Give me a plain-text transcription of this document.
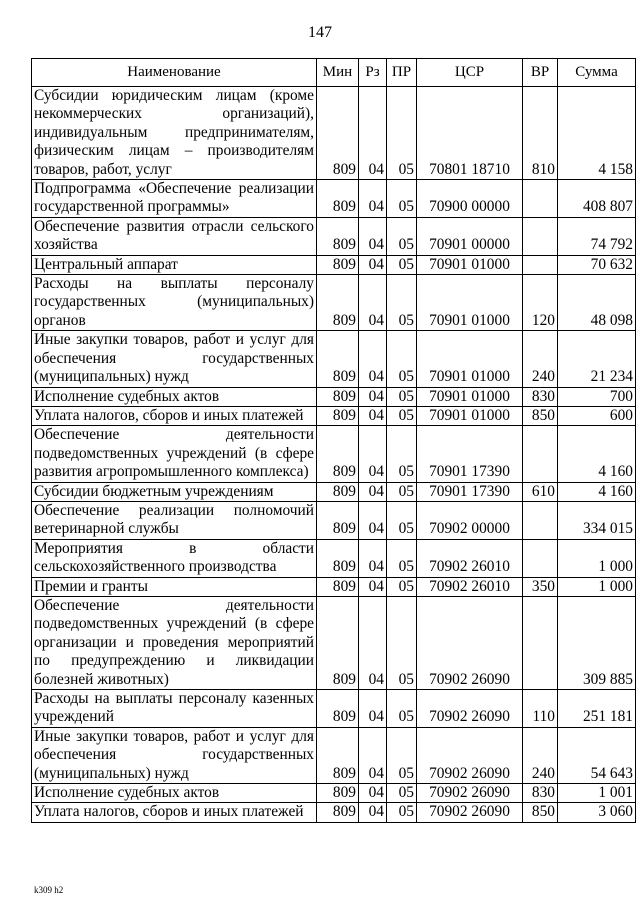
147
Наименование	Мин	Рз	ПР	ЦСР	ВР	Сумма
Субсидии юридическим лицам (кроме некоммерческих организаций), индивидуальным предпринимателям, физическим лицам – производителям товаров, работ, услуг	809	04	05	70801 18710	810	4 158
Подпрограмма «Обеспечение реализации государственной программы»	809	04	05	70900 00000		408 807
Обеспечение развития отрасли сельского хозяйства	809	04	05	70901 00000		74 792
Центральный аппарат	809	04	05	70901 01000		70 632
Расходы на выплаты персоналу государственных (муниципальных) органов	809	04	05	70901 01000	120	48 098
Иные закупки товаров, работ и услуг для обеспечения государственных (муниципальных) нужд	809	04	05	70901 01000	240	21 234
Исполнение судебных актов	809	04	05	70901 01000	830	700
Уплата налогов, сборов и иных платежей	809	04	05	70901 01000	850	600
Обеспечение деятельности подведомственных учреждений (в сфере развития агропромышленного комплекса)	809	04	05	70901 17390		4 160
Субсидии бюджетным учреждениям	809	04	05	70901 17390	610	4 160
Обеспечение реализации полномочий ветеринарной службы	809	04	05	70902 00000		334 015
Мероприятия в области сельскохозяйственного производства	809	04	05	70902 26010		1 000
Премии и гранты	809	04	05	70902 26010	350	1 000
Обеспечение деятельности подведомственных учреждений (в сфере организации и проведения мероприятий по предупреждению и ликвидации болезней животных)	809	04	05	70902 26090		309 885
Расходы на выплаты персоналу казенных учреждений	809	04	05	70902 26090	110	251 181
Иные закупки товаров, работ и услуг для обеспечения государственных (муниципальных) нужд	809	04	05	70902 26090	240	54 643
Исполнение судебных актов	809	04	05	70902 26090	830	1 001
Уплата налогов, сборов и иных платежей	809	04	05	70902 26090	850	3 060
k309 h2
